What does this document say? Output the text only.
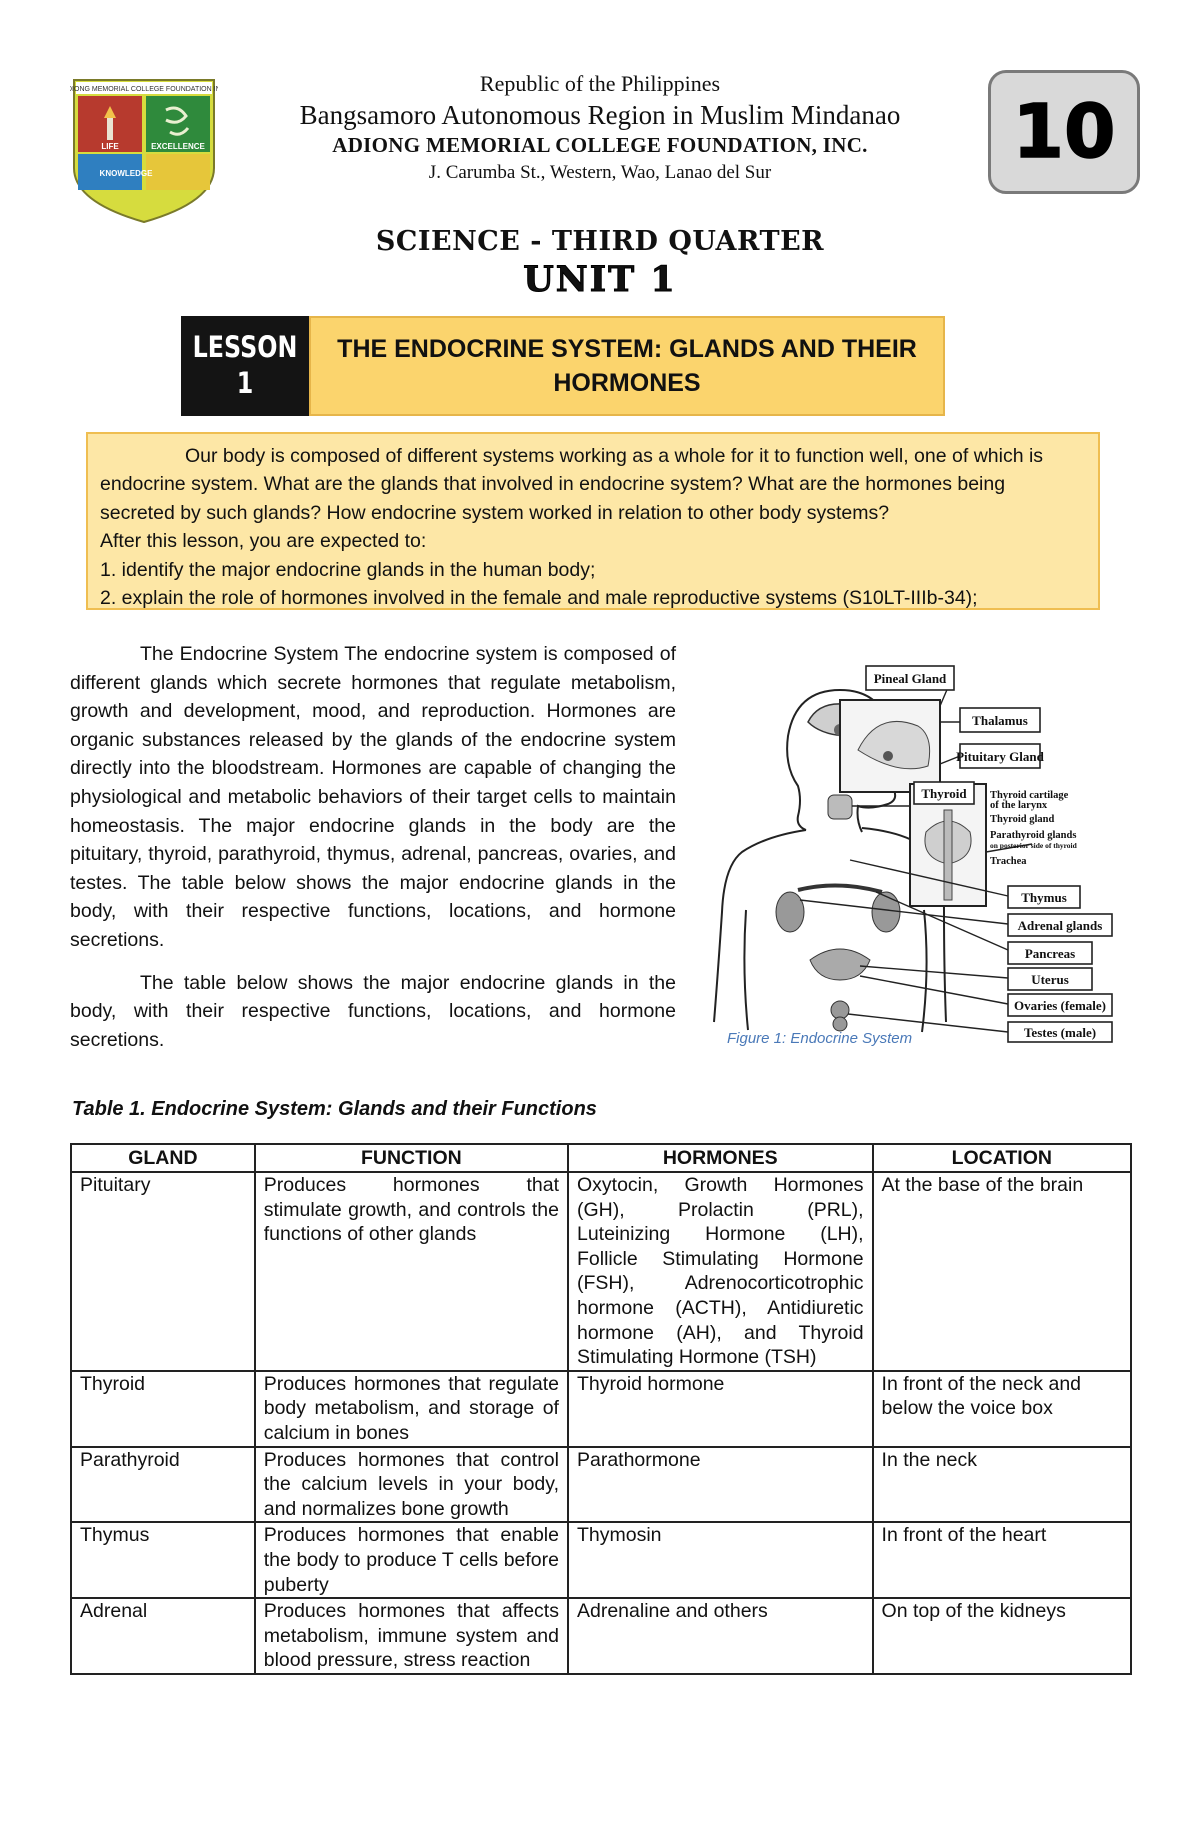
ADIONG MEMORIAL COLLEGE FOUNDATION INC
LIFE	EXCELLENCE
KNOWLEDGE
Republic of the Philippines
Bangsamoro Autonomous Region in Muslim Mindanao
ADIONG MEMORIAL COLLEGE FOUNDATION, INC.
J. Carumba St., Western, Wao, Lanao del Sur	10
SCIENCE - THIRD QUARTER
UNIT 1
LESSON
1
THE ENDOCRINE SYSTEM: GLANDS AND THEIR HORMONES

Our body is composed of different systems working as a whole for it to function well, one of which is endocrine system. What are the glands that involved in endocrine system? What are the hormones being secreted by such glands? How endocrine system worked in relation to other body systems?

After this lesson, you are expected to:

1. identify the major endocrine glands in the human body;

2. explain the role of hormones involved in the female and male reproductive systems (S10LT-IIIb-34);

The Endocrine System The endocrine system is composed of different glands which secrete hormones that regulate metabolism, growth and development, mood, and reproduction. Hormones are organic substances released by the glands of the endocrine system directly into the bloodstream. Hormones are capable of changing the physiological and metabolic behaviors of their target cells to maintain homeostasis. The major endocrine glands in the body are the pituitary, thyroid, parathyroid, thymus, adrenal, pancreas, ovaries, and testes. The table below shows the major endocrine glands in the body, with their respective functions, locations, and hormone secretions.

The table below shows the major endocrine glands in the body, with their respective functions, locations, and hormone secretions.

Pineal Gland
Thalamus
Pituitary Gland
Thyroid
Thymus
Adrenal glands
Pancreas
Uterus
Ovaries (female)
Testes (male)
Thyroid cartilage
of the larynx
Thyroid gland
Parathyroid glands
on posterior side of thyroid
Trachea
Figure 1: Endocrine System
Table 1. Endocrine System: Glands and their Functions
GLAND	FUNCTION	HORMONES	LOCATION
Pituitary	Produces hormones that stimulate growth, and controls the functions of other glands	Oxytocin, Growth Hormones (GH), Prolactin (PRL), Luteinizing Hormone (LH), Follicle Stimulating Hormone (FSH), Adrenocorticotrophic hormone (ACTH), Antidiuretic hormone (AH), and Thyroid Stimulating Hormone (TSH)	At the base of the brain
Thyroid	Produces hormones that regulate body metabolism, and storage of calcium in bones	Thyroid hormone	In front of the neck and below the voice box
Parathyroid	Produces hormones that control the calcium levels in your body, and normalizes bone growth	Parathormone	In the neck
Thymus	Produces hormones that enable the body to produce T cells before puberty	Thymosin	In front of the heart
Adrenal	Produces hormones that affects metabolism, immune system and blood pressure, stress reaction	Adrenaline and others	On top of the kidneys
